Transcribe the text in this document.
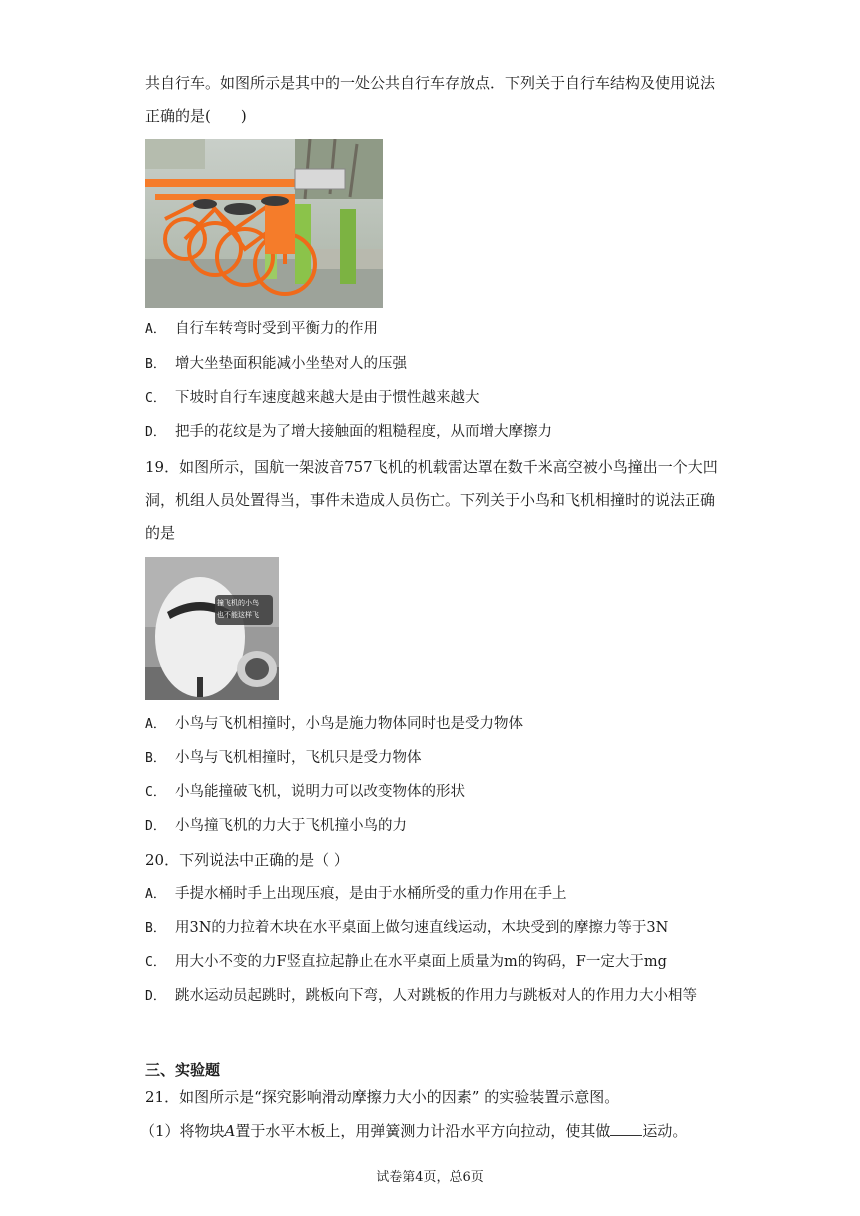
共自行车。如图所示是其中的一处公共自行车存放点．下列关于自行车结构及使用说法
正确的是(　　)
A． 自行车转弯时受到平衡力的作用
B． 增大坐垫面积能减小坐垫对人的压强
C． 下坡时自行车速度越来越大是由于惯性越来越大
D． 把手的花纹是为了增大接触面的粗糙程度，从而增大摩擦力
19．如图所示，国航一架波音757飞机的机载雷达罩在数千米高空被小鸟撞出一个大凹
洞，机组人员处置得当，事件未造成人员伤亡。下列关于小鸟和飞机相撞时的说法正确
的是
撞飞机的小鸟
也不能这样飞
A． 小鸟与飞机相撞时，小鸟是施力物体同时也是受力物体
B． 小鸟与飞机相撞时，飞机只是受力物体
C． 小鸟能撞破飞机，说明力可以改变物体的形状
D． 小鸟撞飞机的力大于飞机撞小鸟的力
20．下列说法中正确的是（ ）
A． 手提水桶时手上出现压痕，是由于水桶所受的重力作用在手上
B． 用3N的力拉着木块在水平桌面上做匀速直线运动，木块受到的摩擦力等于3N
C． 用大小不变的力F竖直拉起静止在水平桌面上质量为m的钩码，F一定大于mg
D． 跳水运动员起跳时，跳板向下弯，人对跳板的作用力与跳板对人的作用力大小相等
三、实验题
21．如图所示是“探究影响滑动摩擦力大小的因素” 的实验装置示意图。
（1）将物块A置于水平木板上，用弹簧测力计沿水平方向拉动，使其做 运动。
试卷第4页，总6页
